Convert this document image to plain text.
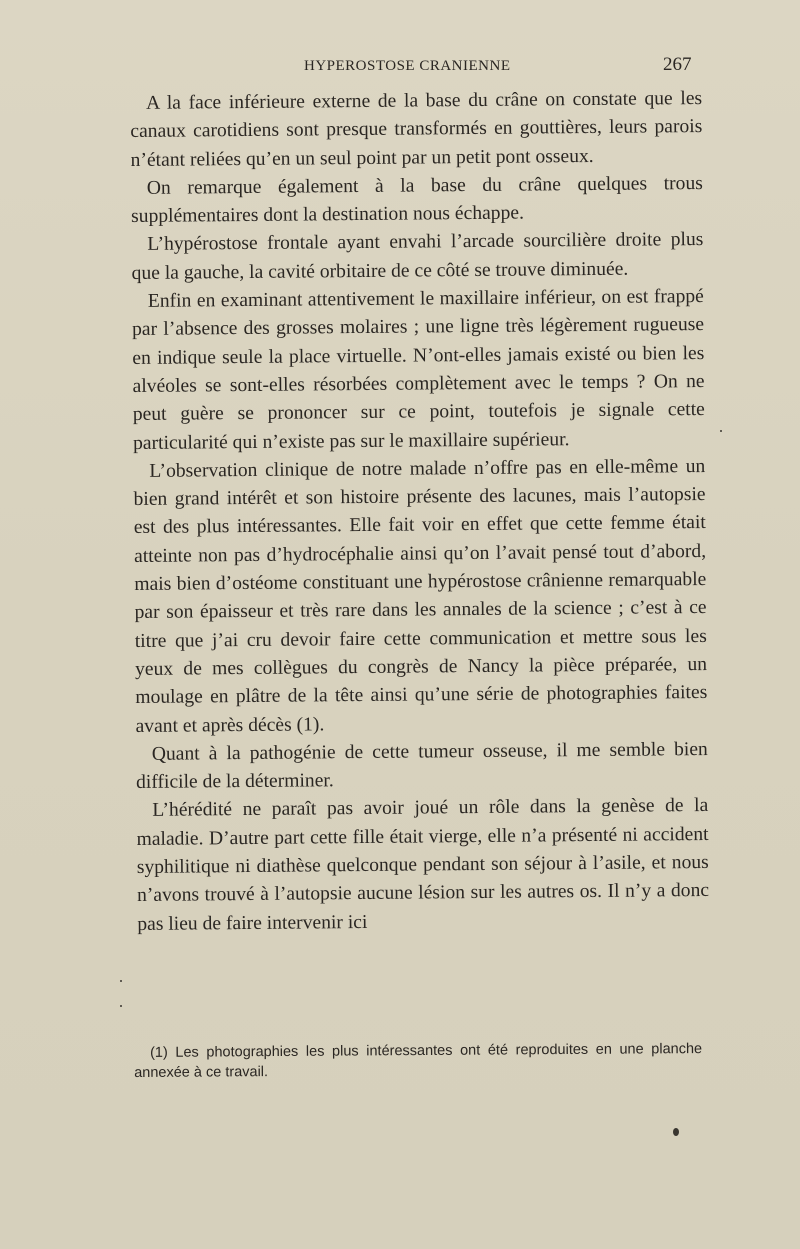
HYPEROSTOSE CRANIENNE	267

A la face inférieure externe de la base du crâne on constate que les canaux carotidiens sont presque transformés en gouttières, leurs parois n’étant reliées qu’en un seul point par un petit pont osseux.

On remarque également à la base du crâne quelques trous supplémentaires dont la destination nous échappe.

L’hypérostose frontale ayant envahi l’arcade sourcilière droite plus que la gauche, la cavité orbitaire de ce côté se trouve diminuée.

Enfin en examinant attentivement le maxillaire inférieur, on est frappé par l’absence des grosses molaires ; une ligne très légèrement rugueuse en indique seule la place virtuelle. N’ont-elles jamais existé ou bien les alvéoles se sont-elles résorbées complètement avec le temps ? On ne peut guère se prononcer sur ce point, toutefois je signale cette particularité qui n’existe pas sur le maxillaire supérieur.

L’observation clinique de notre malade n’offre pas en elle-même un bien grand intérêt et son histoire présente des lacunes, mais l’autopsie est des plus intéressantes. Elle fait voir en effet que cette femme était atteinte non pas d’hydrocéphalie ainsi qu’on l’avait pensé tout d’abord, mais bien d’ostéome constituant une hypérostose crânienne remarquable par son épaisseur et très rare dans les annales de la science ; c’est à ce titre que j’ai cru devoir faire cette communication et mettre sous les yeux de mes collègues du congrès de Nancy la pièce préparée, un moulage en plâtre de la tête ainsi qu’une série de photographies faites avant et après décès (1).

Quant à la pathogénie de cette tumeur osseuse, il me semble bien difficile de la déterminer.

L’hérédité ne paraît pas avoir joué un rôle dans la genèse de la maladie. D’autre part cette fille était vierge, elle n’a présenté ni accident syphilitique ni diathèse quelconque pendant son séjour à l’asile, et nous n’avons trouvé à l’autopsie aucune lésion sur les autres os. Il n’y a donc pas lieu de faire intervenir ici

(1) Les photographies les plus intéressantes ont été reproduites en une planche annexée à ce travail.
